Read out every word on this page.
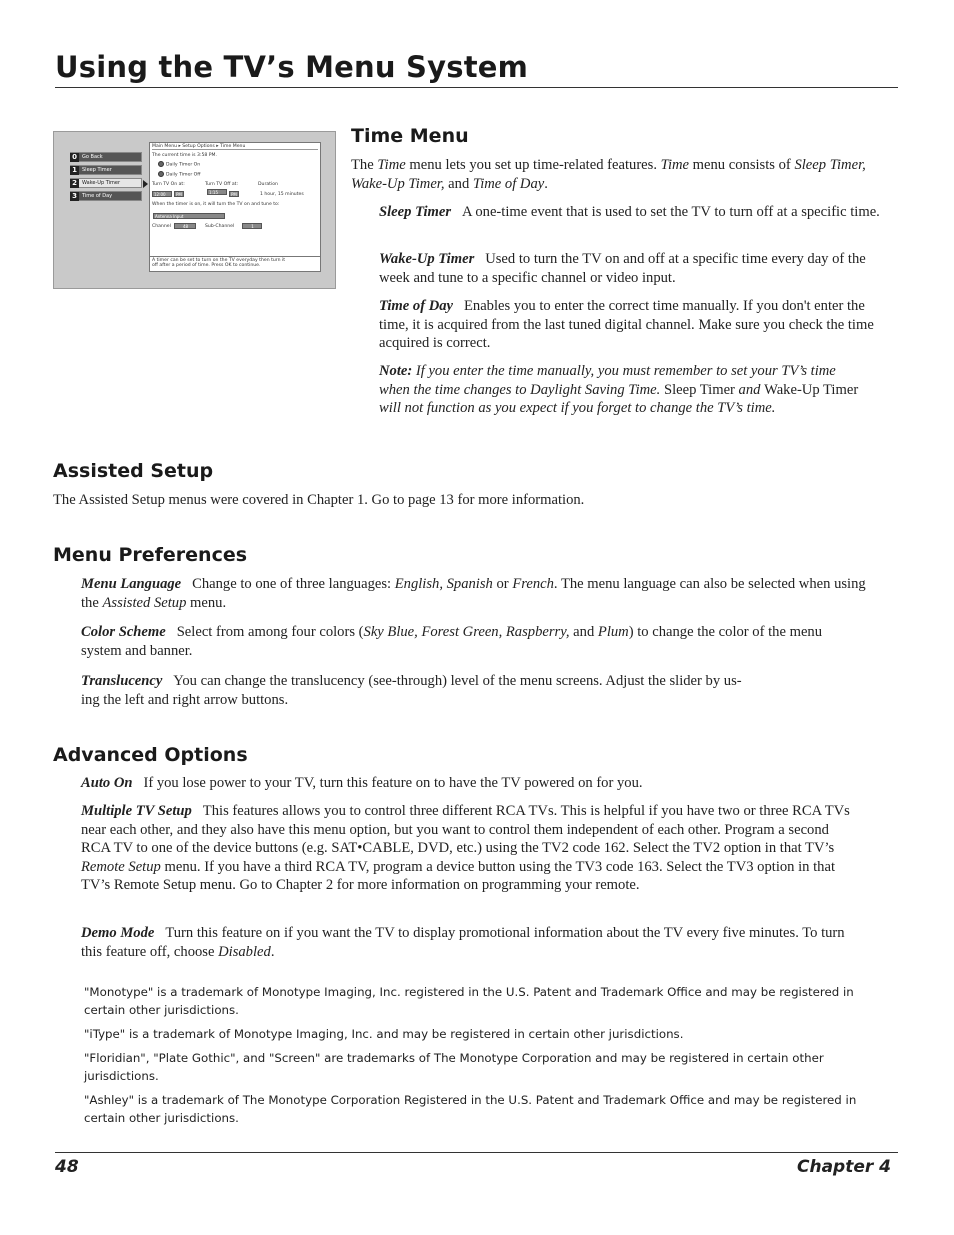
Using the TV’s Menu System
0	Go Back
1	Sleep Timer
2	Wake-Up Timer
3	Time of Day
Main Menu ▸ Setup Options ▸ Time Menu
The current time is 3:58 PM.
Daily Timer On
Daily Timer Off
Turn TV On at:	Turn TV Off at:	Duration
12:00	PM	1:15	PM	1 hour, 15 minutes
When the timer is on, it will turn the TV on and tune to:
Antenna Input
Channel	48	Sub-Channel	1
A timer can be set to turn on the TV everyday then turn it
off after a period of time. Press OK to continue.
Time Menu

The Time menu lets you set up time-related features. Time menu consists of Sleep Timer, Wake-Up Timer, and Time of Day.

Sleep Timer A one-time event that is used to set the TV to turn off at a specific time.

Wake-Up Timer Used to turn the TV on and off at a specific time every day of the week and tune to a specific channel or video input.

Time of Day Enables you to enter the correct time manually. If you don't enter the time, it is acquired from the last tuned digital channel. Make sure you check the time acquired is correct.

Note: If you enter the time manually, you must remember to set your TV’s time when the time changes to Daylight Saving Time. Sleep Timer and Wake-Up Timer will not function as you expect if you forget to change the TV’s time.

Assisted Setup

The Assisted Setup menus were covered in Chapter 1. Go to page 13 for more information.

Menu Preferences

Menu Language Change to one of three languages: English, Spanish or French. The menu language can also be selected when using the Assisted Setup menu.

Color Scheme Select from among four colors (Sky Blue, Forest Green, Raspberry, and Plum) to change the color of the menu system and banner.

Translucency You can change the translucency (see-through) level of the menu screens. Adjust the slider by us-
ing the left and right arrow buttons.

Advanced Options

Auto On If you lose power to your TV, turn this feature on to have the TV powered on for you.

Multiple TV Setup This features allows you to control three different RCA TVs. This is helpful if you have two or three RCA TVs near each other, and they also have this menu option, but you want to control them independent of each other. Program a second RCA TV to one of the device buttons (e.g. SAT•CABLE, DVD, etc.) using the TV2 code 162. Select the TV2 option in that TV’s Remote Setup menu. If you have a third RCA TV, program a device button using the TV3 code 163. Select the TV3 option in that TV’s Remote Setup menu. Go to Chapter 2 for more information on programming your remote.

Demo Mode Turn this feature on if you want the TV to display promotional information about the TV every five minutes. To turn this feature off, choose Disabled.

"Monotype" is a trademark of Monotype Imaging, Inc. registered in the U.S. Patent and Trademark Office and may be registered in certain other jurisdictions.

"iType" is a trademark of Monotype Imaging, Inc. and may be registered in certain other jurisdictions.

"Floridian", "Plate Gothic", and "Screen" are trademarks of The Monotype Corporation and may be registered in certain other jurisdictions.

"Ashley" is a trademark of The Monotype Corporation Registered in the U.S. Patent and Trademark Office and may be registered in certain other jurisdictions.

48	Chapter 4
